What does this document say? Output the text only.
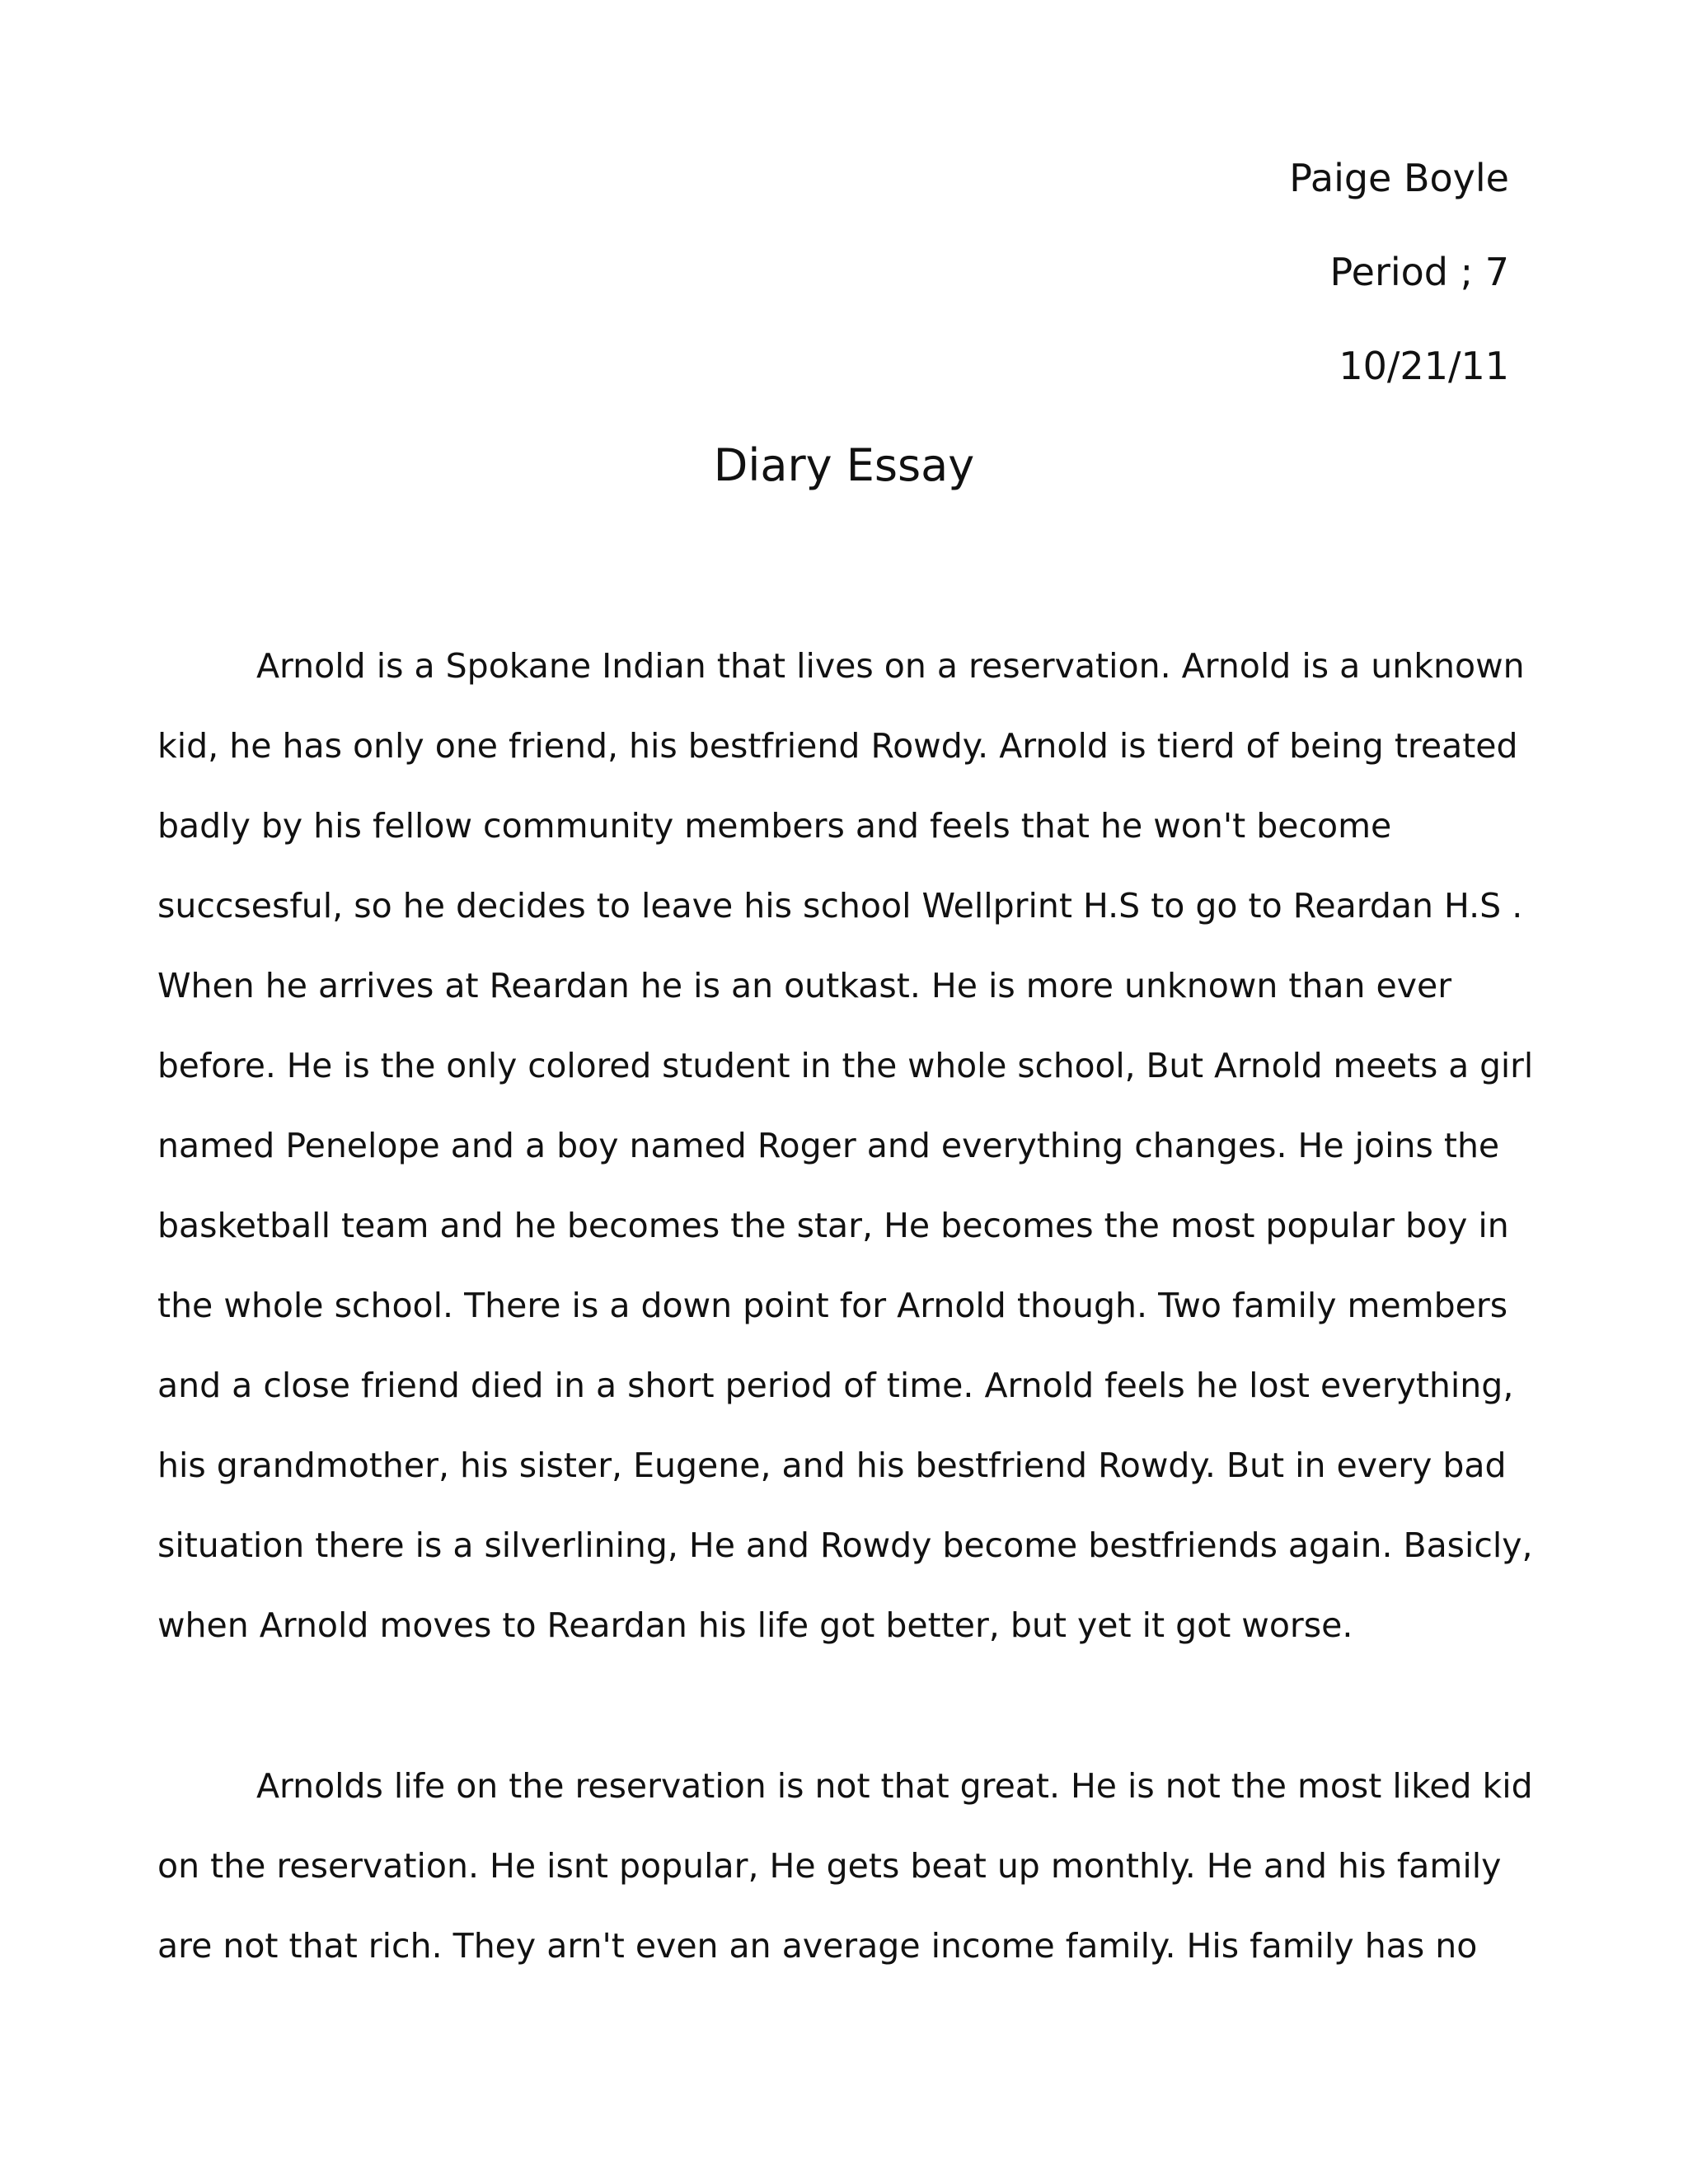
Paige Boyle
Period ; 7
10/21/11
Diary Essay
Arnold is a Spokane Indian that lives on a reservation. Arnold is a unknown
kid, he has only one friend, his bestfriend Rowdy. Arnold is tierd of being treated
badly by his fellow community members and feels that he won't become
succsesful, so he decides to leave his school Wellprint H.S to go to Reardan H.S .
When he arrives at Reardan he is an outkast. He is more unknown than ever
before. He is the only colored student in the whole school, But Arnold meets a girl
named Penelope and a boy named Roger and everything changes. He joins the
basketball team and he becomes the star, He becomes the most popular boy in
the whole school. There is a down point for Arnold though. Two family members
and a close friend died in a short period of time. Arnold feels he lost everything,
his grandmother, his sister, Eugene, and his bestfriend Rowdy. But in every bad
situation there is a silverlining, He and Rowdy become bestfriends again. Basicly,
when Arnold moves to Reardan his life got better, but yet it got worse.
Arnolds life on the reservation is not that great. He is not the most liked kid
on the reservation. He isnt popular, He gets beat up monthly. He and his family
are not that rich. They arn't even an average income family. His family has no
